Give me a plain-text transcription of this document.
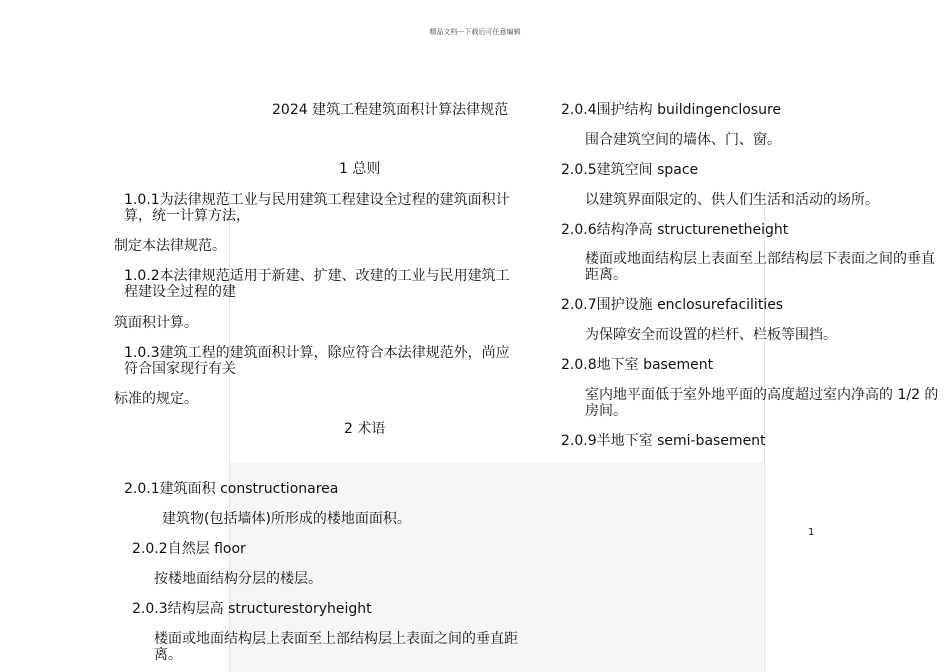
精品文档---下载后可任意编辑
2024 建筑工程建筑面积计算法律规范
1 总则
1.0.1为法律规范工业与民用建筑工程建设全过程的建筑面积计算，统一计算方法，
制定本法律规范。
1.0.2本法律规范适用于新建、扩建、改建的工业与民用建筑工程建设全过程的建
筑面积计算。
1.0.3建筑工程的建筑面积计算，除应符合本法律规范外，尚应符合国家现行有关
标准的规定。
2 术语
2.0.1建筑面积 constructionarea
建筑物(包括墙体)所形成的楼地面面积。
2.0.2自然层 floor
按楼地面结构分层的楼层。
2.0.3结构层高 structurestoryheight
楼面或地面结构层上表面至上部结构层上表面之间的垂直距离。
2.0.4围护结构 buildingenclosure
围合建筑空间的墙体、门、窗。
2.0.5建筑空间 space
以建筑界面限定的、供人们生活和活动的场所。
2.0.6结构净高 structurenetheight
楼面或地面结构层上表面至上部结构层下表面之间的垂直距离。
2.0.7围护设施 enclosurefacilities
为保障安全而设置的栏杆、栏板等围挡。
2.0.8地下室 basement
室内地平面低于室外地平面的高度超过室内净高的 1/2 的房间。
2.0.9半地下室 semi-basement
1
